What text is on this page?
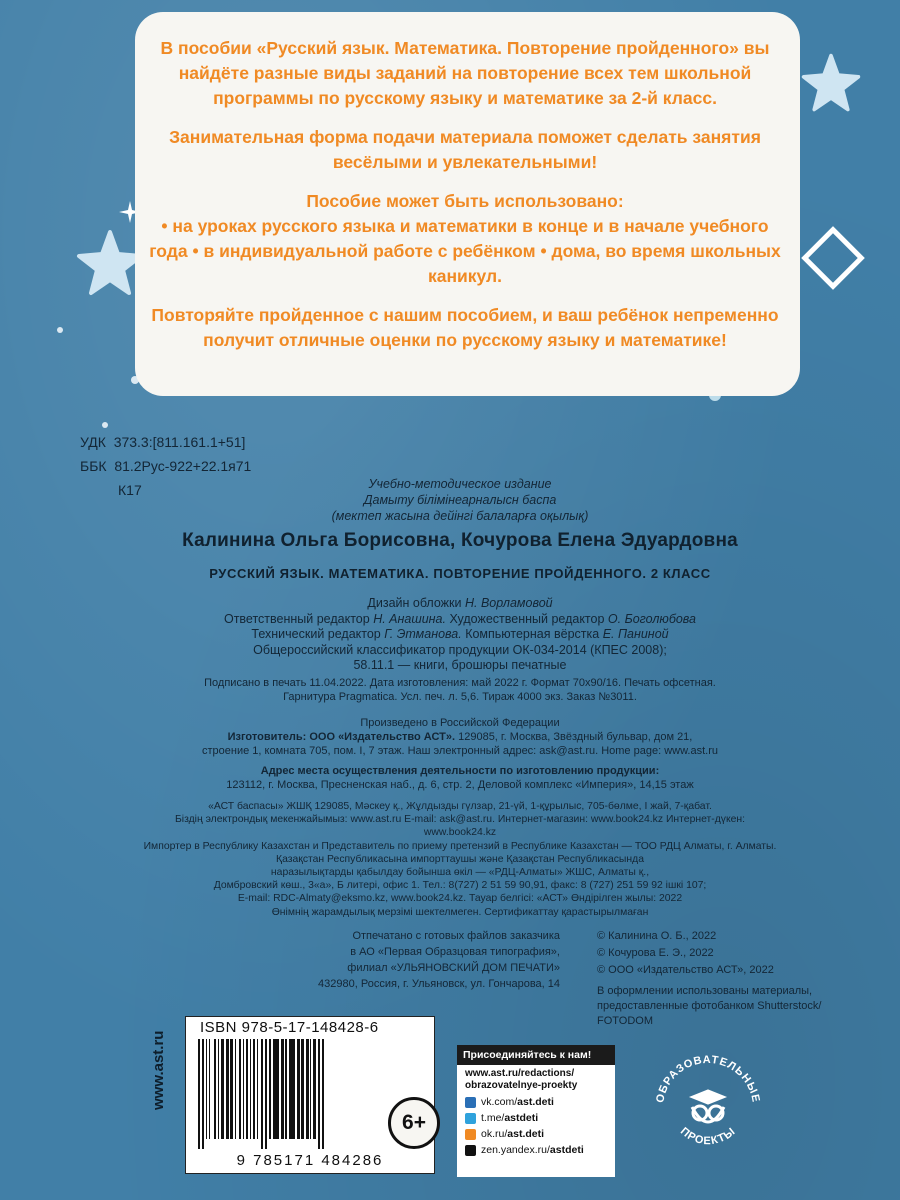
В пособии «Русский язык. Математика. Повторение пройденного» вы найдёте разные виды заданий на повторение всех тем школьной программы по русскому языку и математике за 2-й класс.

Занимательная форма подачи материала поможет сделать занятия весёлыми и увлекательными!

Пособие может быть использовано:
• на уроках русского языка и математики в конце и в начале учебного года • в индивидуальной работе с ребёнком • дома, во время школьных каникул.

Повторяйте пройденное с нашим пособием, и ваш ребёнок непременно получит отличные оценки по русскому языку и математике!

УДК 373.3:[811.161.1+51]
ББК 81.2Рус-922+22.1я71
К17	Учебно-методическое издание
Дамыту білімінеарналысн баспа
(мектеп жасына дейінгі балаларға оқылық)
Калинина Ольга Борисовна, Кочурова Елена Эдуардовна
РУССКИЙ ЯЗЫК. МАТЕМАТИКА. ПОВТОРЕНИЕ ПРОЙДЕННОГО. 2 КЛАСС
Дизайн обложки Н. Ворламовой
Ответственный редактор Н. Анашина. Художественный редактор О. Боголюбова
Технический редактор Г. Этманова. Компьютерная вёрстка Е. Паниной
Общероссийский классификатор продукции ОК-034-2014 (КПЕС 2008);
58.11.1 — книги, брошюры печатные
Подписано в печать 11.04.2022. Дата изготовления: май 2022 г. Формат 70x90/16. Печать офсетная.
Гарнитура Pragmatica. Усл. печ. л. 5,6. Тираж 4000 экз. Заказ №3011.
Произведено в Российской Федерации
Изготовитель: ООО «Издательство АСТ». 129085, г. Москва, Звёздный бульвар, дом 21,
строение 1, комната 705, пом. I, 7 этаж. Наш электронный адрес: ask@ast.ru. Home page: www.ast.ru
Адрес места осуществления деятельности по изготовлению продукции:
123112, г. Москва, Пресненская наб., д. 6, стр. 2, Деловой комплекс «Империя», 14,15 этаж
«АСТ баспасы» ЖШҚ 129085, Мәскеу қ., Жұлдызды гүлзар, 21-үй, 1-құрылыс, 705-бөлме, I жай, 7-қабат.
Біздің электрондық мекенжайымыз: www.ast.ru E-mail: ask@ast.ru. Интернет-магазин: www.book24.kz Интернет-дүкен: www.book24.kz
Импортер в Республику Казахстан и Представитель по приему претензий в Республике Казахстан — ТОО РДЦ Алматы, г. Алматы.
Қазақстан Республикасына импорттаушы және Қазақстан Республикасында
наразылықтарды қабылдау бойынша өкіл — «РДЦ-Алматы» ЖШС, Алматы қ.,
Домбровский көш., 3«а», Б литері, офис 1. Тел.: 8(727) 2 51 59 90,91, факс: 8 (727) 251 59 92 ішкі 107;
E-mail: RDC-Almaty@eksmo.kz, www.book24.kz. Тауар белгісі: «АСТ» Өндірілген жылы: 2022
Өнімнің жарамдылық мерзімі шектелмеген. Сертификаттау қарастырылмаған
Отпечатано с готовых файлов заказчика
в АО «Первая Образцовая типография»,
филиал «УЛЬЯНОВСКИЙ ДОМ ПЕЧАТИ»
432980, Россия, г. Ульяновск, ул. Гончарова, 14
© Калинина О. Б., 2022
© Кочурова Е. Э., 2022
© ООО «Издательство АСТ», 2022
В оформлении использованы материалы,
предоставленные фотобанком Shutterstock/
FOTODOM
ISBN 978-5-17-148428-6
9 785171 484286
www.ast.ru
6+
Присоединяйтесь к нам!
www.ast.ru/redactions/
obrazovatelnye-proekty
vk.com/ ast.deti
t.me/ astdeti
ok.ru/ ast.deti
zen.yandex.ru/ astdeti
ОБРАЗОВАТЕЛЬНЫЕ
ПРОЕКТЫ
